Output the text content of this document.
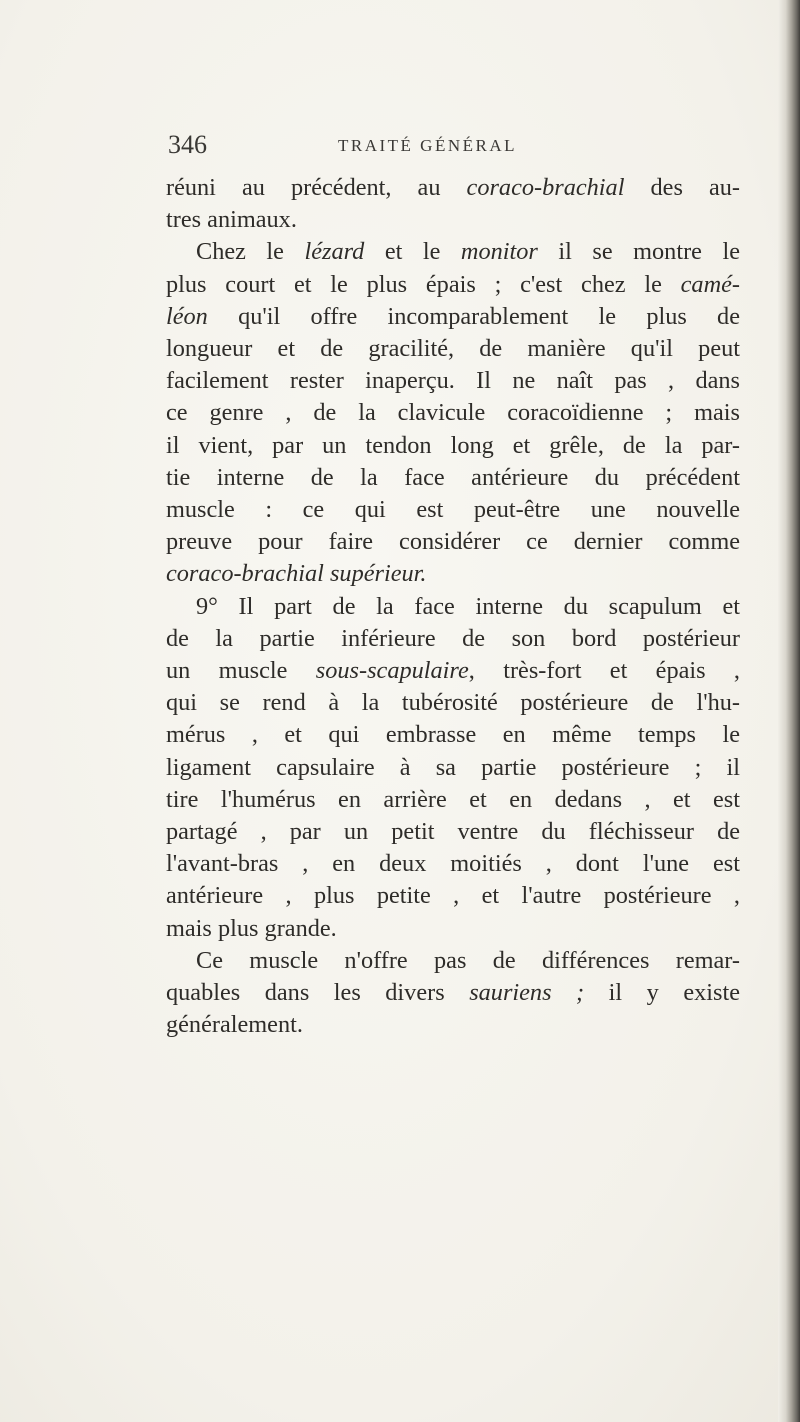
346	TRAITÉ GÉNÉRAL
réuni au précédent, au coraco-brachial des au-
tres animaux.
Chez le lézard et le monitor il se montre le
plus court et le plus épais ; c'est chez le camé-
léon qu'il offre incomparablement le plus de
longueur et de gracilité, de manière qu'il peut
facilement rester inaperçu. Il ne naît pas , dans
ce genre , de la clavicule coracoïdienne ; mais
il vient, par un tendon long et grêle, de la par-
tie interne de la face antérieure du précédent
muscle : ce qui est peut-être une nouvelle
preuve pour faire considérer ce dernier comme
coraco-brachial supérieur.
9° Il part de la face interne du scapulum et
de la partie inférieure de son bord postérieur
un muscle sous-scapulaire, très-fort et épais ,
qui se rend à la tubérosité postérieure de l'hu-
mérus , et qui embrasse en même temps le
ligament capsulaire à sa partie postérieure ; il
tire l'humérus en arrière et en dedans , et est
partagé , par un petit ventre du fléchisseur de
l'avant-bras , en deux moitiés , dont l'une est
antérieure , plus petite , et l'autre postérieure ,
mais plus grande.
Ce muscle n'offre pas de différences remar-
quables dans les divers sauriens ; il y existe
généralement.
